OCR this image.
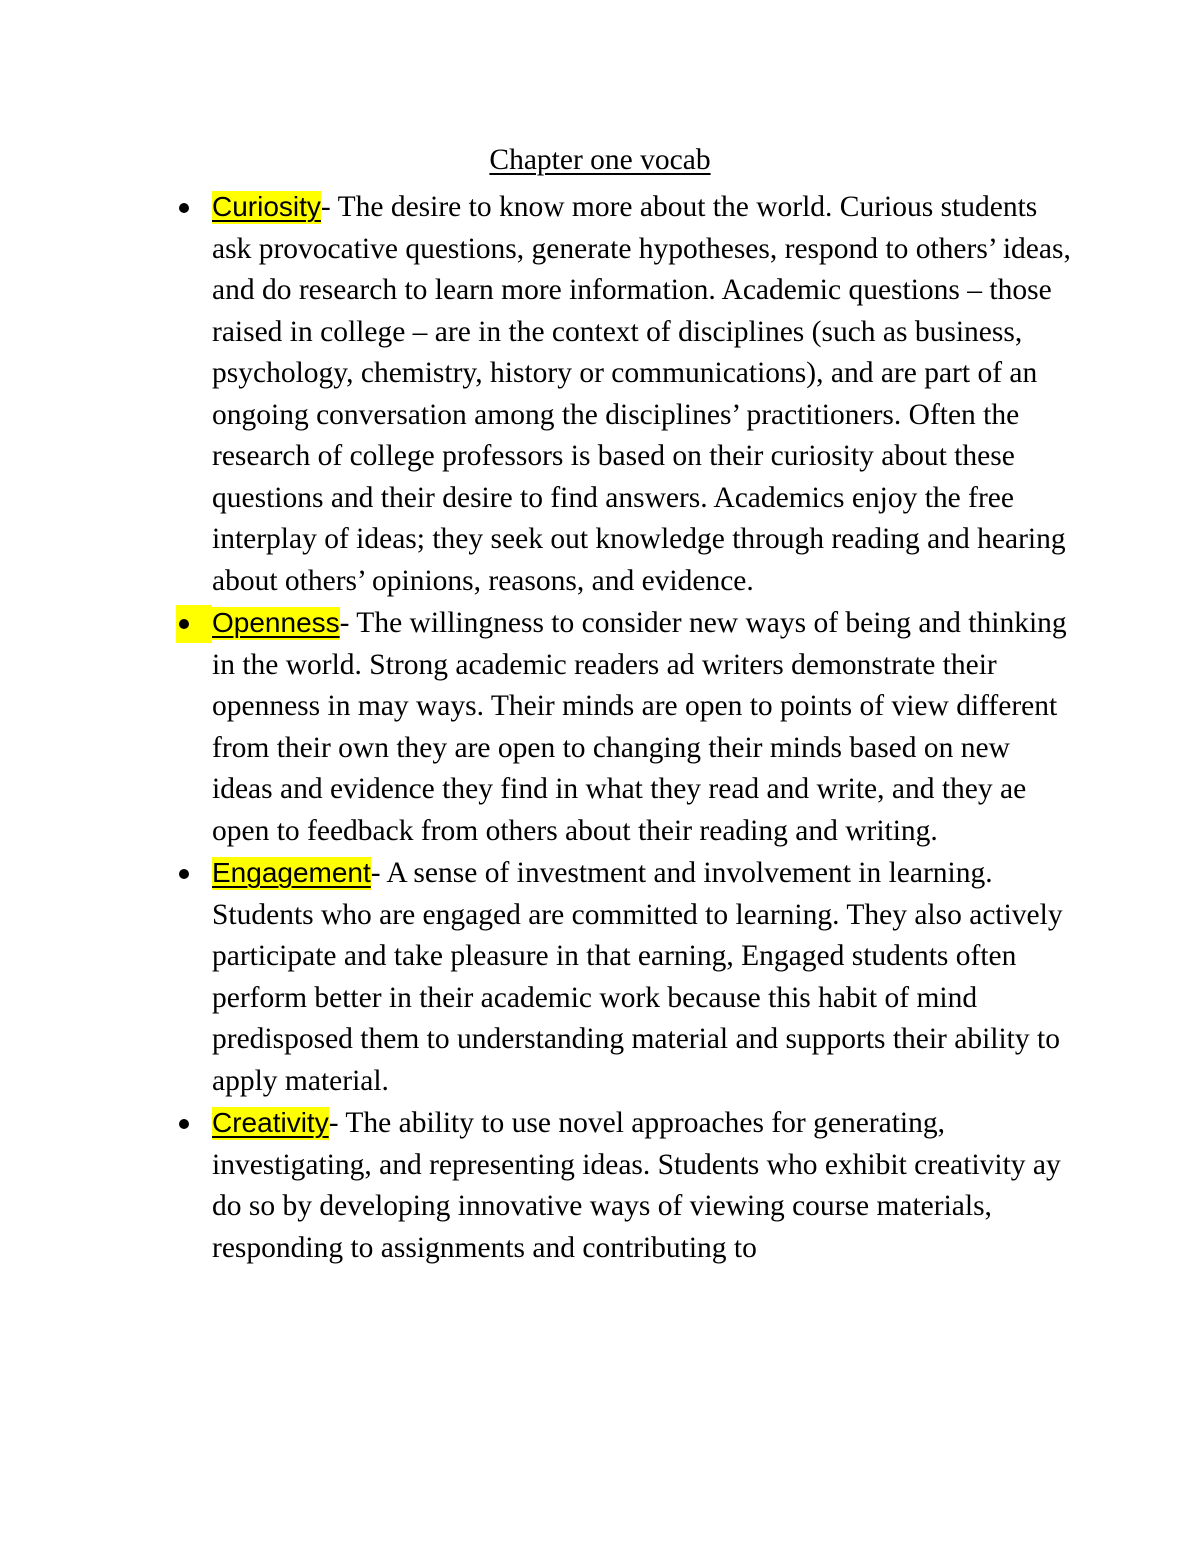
Chapter one vocab
Curiosity- The desire to know more about the world. Curious students ask provocative questions, generate hypotheses, respond to others’ ideas, and do research to learn more information. Academic questions – those raised in college – are in the context of disciplines (such as business, psychology, chemistry, history or communications), and are part of an ongoing conversation among the disciplines’ practitioners. Often the research of college professors is based on their curiosity about these questions and their desire to find answers. Academics enjoy the free interplay of ideas; they seek out knowledge through reading and hearing about others’ opinions, reasons, and evidence.
Openness- The willingness to consider new ways of being and thinking in the world. Strong academic readers ad writers demonstrate their openness in may ways. Their minds are open to points of view different from their own they are open to changing their minds based on new ideas and evidence they find in what they read and write, and they ae open to feedback from others about their reading and writing.
Engagement- A sense of investment and involvement in learning. Students who are engaged are committed to learning. They also actively participate and take pleasure in that earning, Engaged students often perform better in their academic work because this habit of mind predisposed them to understanding material and supports their ability to apply material.
Creativity- The ability to use novel approaches for generating, investigating, and representing ideas. Students who exhibit creativity ay do so by developing innovative ways of viewing course materials, responding to assignments and contributing to
